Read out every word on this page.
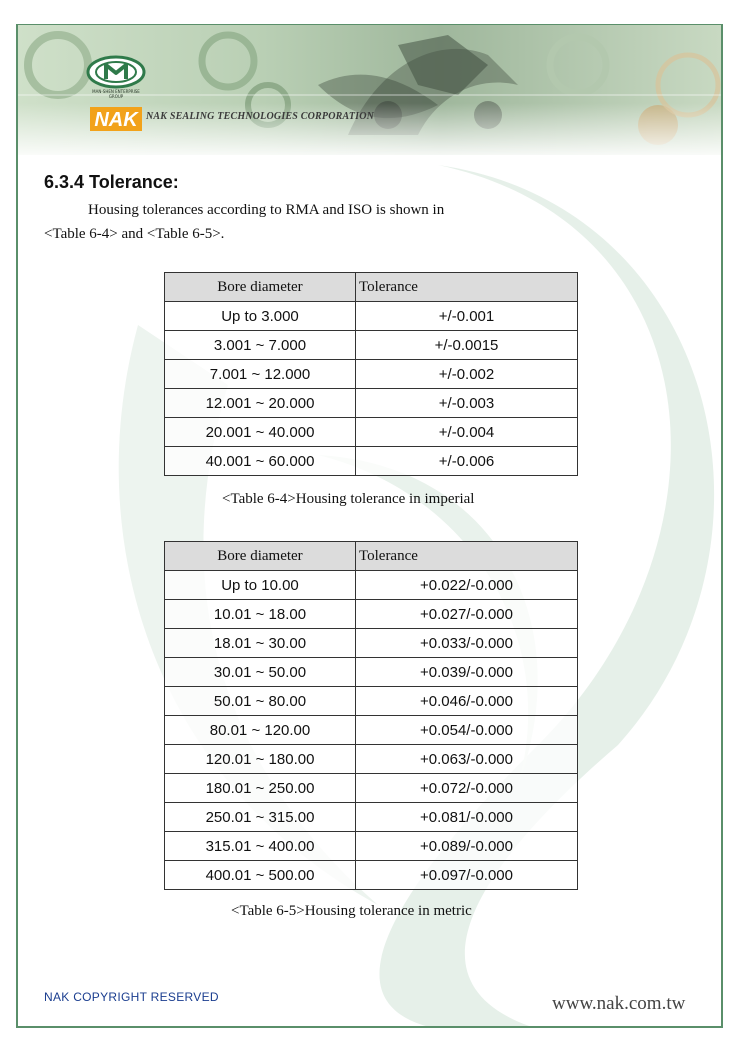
MAN-SHEN ENTERPRISE GROUP
NAK NAK SEALING TECHNOLOGIES CORPORATION
6.3.4 Tolerance:
Housing tolerances according to RMA and ISO is shown in
<Table 6-4> and <Table 6-5>.
Bore diameter	Tolerance
Up to 3.000	+/-0.001
3.001 ~ 7.000	+/-0.0015
7.001 ~ 12.000	+/-0.002
12.001 ~ 20.000	+/-0.003
20.001 ~ 40.000	+/-0.004
40.001 ~ 60.000	+/-0.006
<Table 6-4>Housing tolerance in imperial
Bore diameter	Tolerance
Up to 10.00	+0.022/-0.000
10.01 ~ 18.00	+0.027/-0.000
18.01 ~ 30.00	+0.033/-0.000
30.01 ~ 50.00	+0.039/-0.000
50.01 ~ 80.00	+0.046/-0.000
80.01 ~ 120.00	+0.054/-0.000
120.01 ~ 180.00	+0.063/-0.000
180.01 ~ 250.00	+0.072/-0.000
250.01 ~ 315.00	+0.081/-0.000
315.01 ~ 400.00	+0.089/-0.000
400.01 ~ 500.00	+0.097/-0.000
<Table 6-5>Housing tolerance in metric
NAK COPYRIGHT RESERVED	www.nak.com.tw
